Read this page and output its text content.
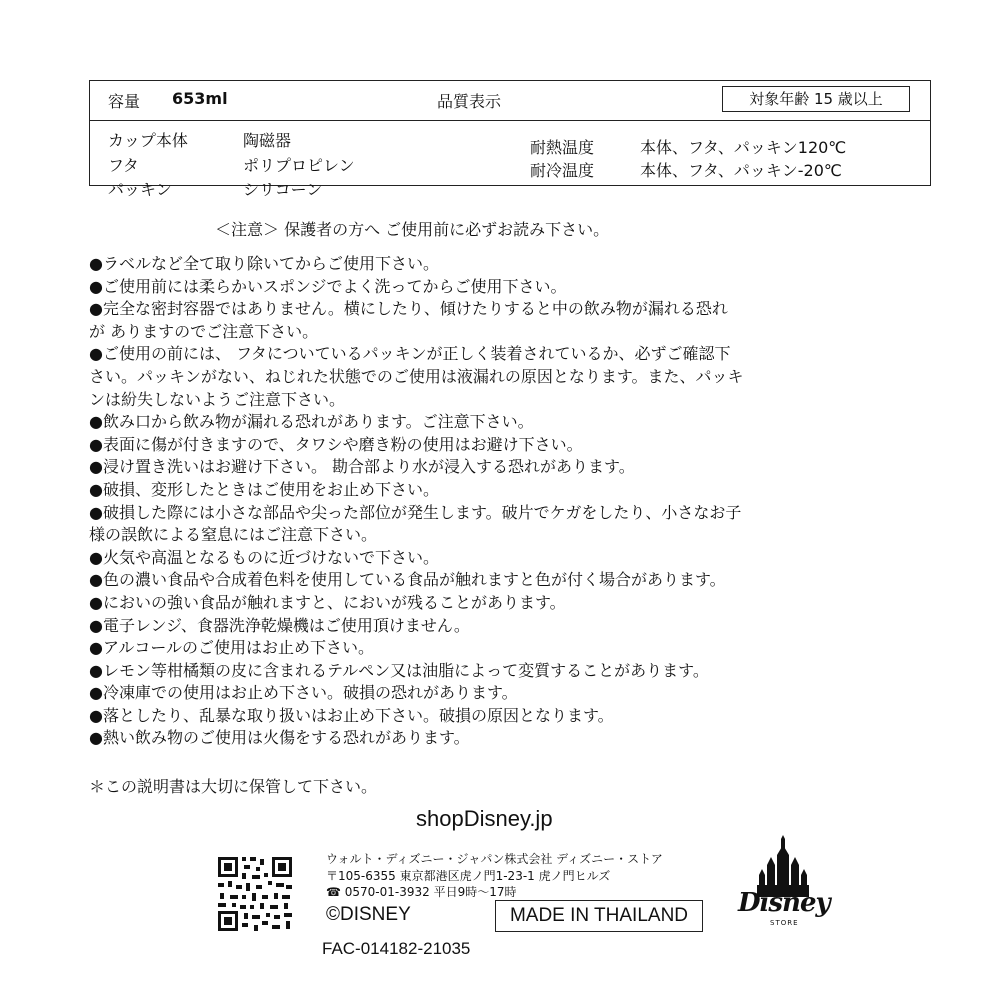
容量 653ml	品質表示	対象年齢 15 歳以上
カップ本体	陶磁器
フタ	ポリプロピレン
パッキン	シリコーン
耐熱温度	本体、フタ、パッキン120℃
耐冷温度	本体、フタ、パッキン-20℃
＜注意＞ 保護者の方へ ご使用前に必ずお読み下さい。
●ラベルなど全て取り除いてからご使用下さい。
●ご使用前には柔らかいスポンジでよく洗ってからご使用下さい。
●完全な密封容器ではありません。横にしたり、傾けたりすると中の飲み物が漏れる恐れ
が ありますのでご注意下さい。
●ご使用の前には、 フタについているパッキンが正しく装着されているか、必ずご確認下
さい。パッキンがない、ねじれた状態でのご使用は液漏れの原因となります。また、パッキ
ンは紛失しないようご注意下さい。
●飲み口から飲み物が漏れる恐れがあります。ご注意下さい。
●表面に傷が付きますので、タワシや磨き粉の使用はお避け下さい。
●浸け置き洗いはお避け下さい。 勘合部より水が浸入する恐れがあります。
●破損、変形したときはご使用をお止め下さい。
●破損した際には小さな部品や尖った部位が発生します。破片でケガをしたり、小さなお子
様の誤飲による窒息にはご注意下さい。
●火気や高温となるものに近づけないで下さい。
●色の濃い食品や合成着色料を使用している食品が触れますと色が付く場合があります。
●においの強い食品が触れますと、においが残ることがあります。
●電子レンジ、食器洗浄乾燥機はご使用頂けません。
●アルコールのご使用はお止め下さい。
●レモン等柑橘類の皮に含まれるテルペン又は油脂によって変質することがあります。
●冷凍庫での使用はお止め下さい。破損の恐れがあります。
●落としたり、乱暴な取り扱いはお止め下さい。破損の原因となります。
●熱い飲み物のご使用は火傷をする恐れがあります。
＊この説明書は大切に保管して下さい。
shopDisney.jp
ウォルト・ディズニー・ジャパン株式会社 ディズニー・ストア
〒105-6355 東京都港区虎ノ門1-23-1 虎ノ門ヒルズ
☎ 0570-01-3932 平日9時～17時
©DISNEY	MADE IN THAILAND
FAC-014182-21035
Disney
STORE
